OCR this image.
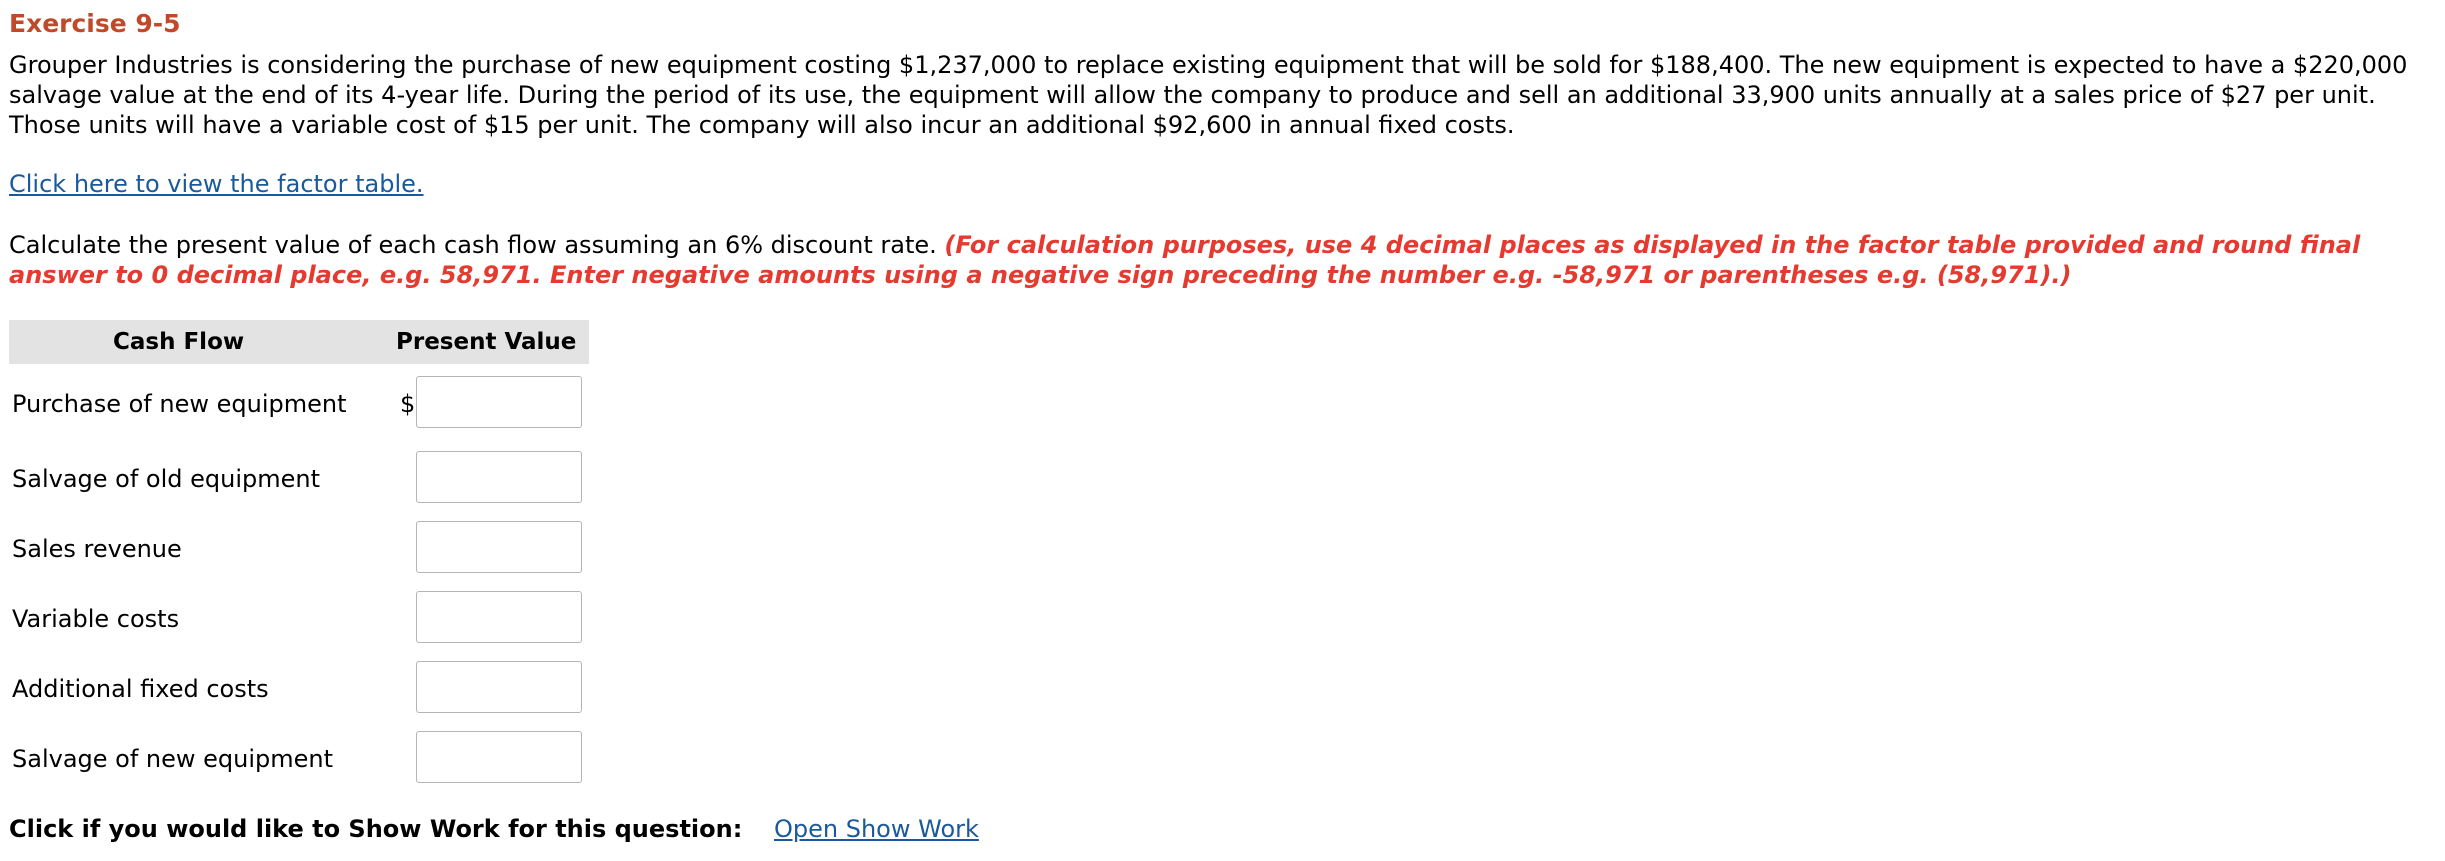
Exercise 9-5
Grouper Industries is considering the purchase of new equipment costing $1,237,000 to replace existing equipment that will be sold for $188,400. The new equipment is expected to have a $220,000
salvage value at the end of its 4-year life. During the period of its use, the equipment will allow the company to produce and sell an additional 33,900 units annually at a sales price of $27 per unit.
Those units will have a variable cost of $15 per unit. The company will also incur an additional $92,600 in annual fixed costs.
Click here to view the factor table.
Calculate the present value of each cash flow assuming an 6% discount rate. (For calculation purposes, use 4 decimal places as displayed in the factor table provided and round final
answer to 0 decimal place, e.g. 58,971. Enter negative amounts using a negative sign preceding the number e.g. -58,971 or parentheses e.g. (58,971).)
Cash Flow	Present Value
Purchase of new equipment $
Salvage of old equipment
Sales revenue
Variable costs
Additional fixed costs
Salvage of new equipment
Click if you would like to Show Work for this question: Open Show Work
